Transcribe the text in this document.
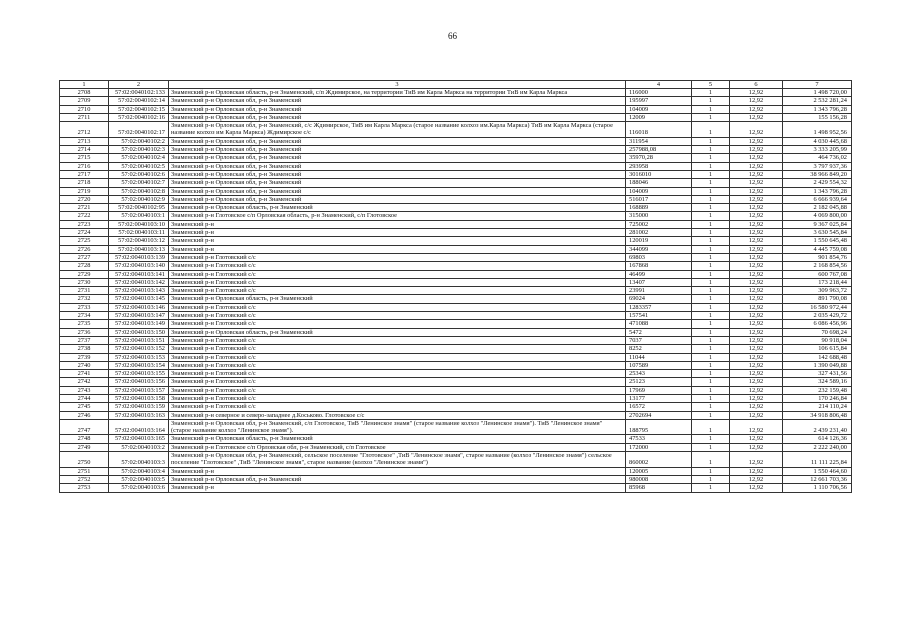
66
1	2	3	4	5	6	7
2708	57:02:0040102:133	Знаменский р-н Орловская область, р-н Знаменский, с/п Ждимирское, на территории ТиВ им Карла Маркса на территории ТиВ им Карла Маркса	116000	1	12,92	1 498 720,00
2709	57:02:0040102:14	Знаменский р-н Орловская обл, р-н Знаменский	195997	1	12,92	2 532 281,24
2710	57:02:0040102:15	Знаменский р-н Орловская обл, р-н Знаменский	104009	1	12,92	1 343 796,28
2711	57:02:0040102:16	Знаменский р-н Орловская обл, р-н Знаменский	12009	1	12,92	155 156,28
2712	57:02:0040102:17	Знаменский р-н Орловская обл, р-н Знаменский, с/с Ждимирское, ТиВ им Карла Маркса (старое название колхоз им.Карла Маркса) ТиВ им Карла Маркса (старое название колхоз им Карла Маркса) Ждимирское с/с	116018	1	12,92	1 498 952,56
2713	57:02:0040102:2	Знаменский р-н Орловская обл, р-н Знаменский	311954	1	12,92	4 030 445,68
2714	57:02:0040102:3	Знаменский р-н Орловская обл, р-н Знаменский	257988,08	1	12,92	3 333 205,99
2715	57:02:0040102:4	Знаменский р-н Орловская обл, р-н Знаменский	35970,28	1	12,92	464 736,02
2716	57:02:0040102:5	Знаменский р-н Орловская обл, р-н Знаменский	293958	1	12,92	3 797 937,36
2717	57:02:0040102:6	Знаменский р-н Орловская обл, р-н Знаменский	3016010	1	12,92	38 966 849,20
2718	57:02:0040102:7	Знаменский р-н Орловская обл, р-н Знаменский	188046	1	12,92	2 429 554,32
2719	57:02:0040102:8	Знаменский р-н Орловская обл, р-н Знаменский	104009	1	12,92	1 343 796,28
2720	57:02:0040102:9	Знаменский р-н Орловская обл, р-н Знаменский	516017	1	12,92	6 666 939,64
2721	57:02:0040102:95	Знаменский р-н Орловская область, р-н Знаменский	168889	1	12,92	2 182 045,88
2722	57:02:0040103:1	Знаменский р-н Глотовское с/п Орловская область, р-н Знаменский, с/п Глотовское	315000	1	12,92	4 069 800,00
2723	57:02:0040103:10	Знаменский р-н	725002	1	12,92	9 367 025,84
2724	57:02:0040103:11	Знаменский р-н	281002	1	12,92	3 630 545,84
2725	57:02:0040103:12	Знаменский р-н	120019	1	12,92	1 550 645,48
2726	57:02:0040103:13	Знаменский р-н	344099	1	12,92	4 445 759,08
2727	57:02:0040103:139	Знаменский р-н Глотовский с/с	69803	1	12,92	901 854,76
2728	57:02:0040103:140	Знаменский р-н Глотовский с/с	167868	1	12,92	2 168 854,56
2729	57:02:0040103:141	Знаменский р-н Глотовский с/с	46499	1	12,92	600 767,08
2730	57:02:0040103:142	Знаменский р-н Глотовский с/с	13407	1	12,92	173 218,44
2731	57:02:0040103:143	Знаменский р-н Глотовский с/с	23991	1	12,92	309 963,72
2732	57:02:0040103:145	Знаменский р-н Орловская область, р-н Знаменский	69024	1	12,92	891 790,08
2733	57:02:0040103:146	Знаменский р-н Глотовский с/с	1283357	1	12,92	16 580 972,44
2734	57:02:0040103:147	Знаменский р-н Глотовский с/с	157541	1	12,92	2 035 429,72
2735	57:02:0040103:149	Знаменский р-н Глотовский с/с	471088	1	12,92	6 086 456,96
2736	57:02:0040103:150	Знаменский р-н Орловская область, р-н Знаменский	5472	1	12,92	70 698,24
2737	57:02:0040103:151	Знаменский р-н Глотовский с/с	7037	1	12,92	90 918,04
2738	57:02:0040103:152	Знаменский р-н Глотовский с/с	8252	1	12,92	106 615,84
2739	57:02:0040103:153	Знаменский р-н Глотовский с/с	11044	1	12,92	142 688,48
2740	57:02:0040103:154	Знаменский р-н Глотовский с/с	107589	1	12,92	1 390 049,88
2741	57:02:0040103:155	Знаменский р-н Глотовский с/с	25343	1	12,92	327 431,56
2742	57:02:0040103:156	Знаменский р-н Глотовский с/с	25123	1	12,92	324 589,16
2743	57:02:0040103:157	Знаменский р-н Глотовский с/с	17969	1	12,92	232 159,48
2744	57:02:0040103:158	Знаменский р-н Глотовский с/с	13177	1	12,92	170 246,84
2745	57:02:0040103:159	Знаменский р-н Глотовский с/с	16572	1	12,92	214 110,24
2746	57:02:0040103:163	Знаменский р-н северное и северо-западнее д.Коськово. Глотовское с/с	2702694	1	12,92	34 918 806,48
2747	57:02:0040103:164	Знаменский р-н Орловская обл, р-н Знаменский, с/п Глотовское, ТиВ "Ленинское знамя" (старое название колхоз "Ленинское знамя"). ТиВ "Ленинское знамя" (старое название колхоз "Ленинское знамя").	188795	1	12,92	2 439 231,40
2748	57:02:0040103:165	Знаменский р-н Орловская область, р-н Знаменский	47533	1	12,92	614 126,36
2749	57:02:0040103:2	Знаменский р-н Глотовское с/п Орловская обл, р-н Знаменский, с/п Глотовское	172000	1	12,92	2 222 240,00
2750	57:02:0040103:3	Знаменский р-н Орловская обл, р-н Знаменский, сельское поселение "Глотовское" ,ТиВ "Ленинское знамя", старое название (колхоз "Ленинское знамя") сельское поселение "Глотовское" ,ТиВ "Ленинское знамя", старое название (колхоз "Ленинское знамя")	860002	1	12,92	11 111 225,84
2751	57:02:0040103:4	Знаменский р-н	120005	1	12,92	1 550 464,60
2752	57:02:0040103:5	Знаменский р-н Орловская обл, р-н Знаменский	980008	1	12,92	12 661 703,36
2753	57:02:0040103:6	Знаменский р-н	85968	1	12,92	1 110 706,56
